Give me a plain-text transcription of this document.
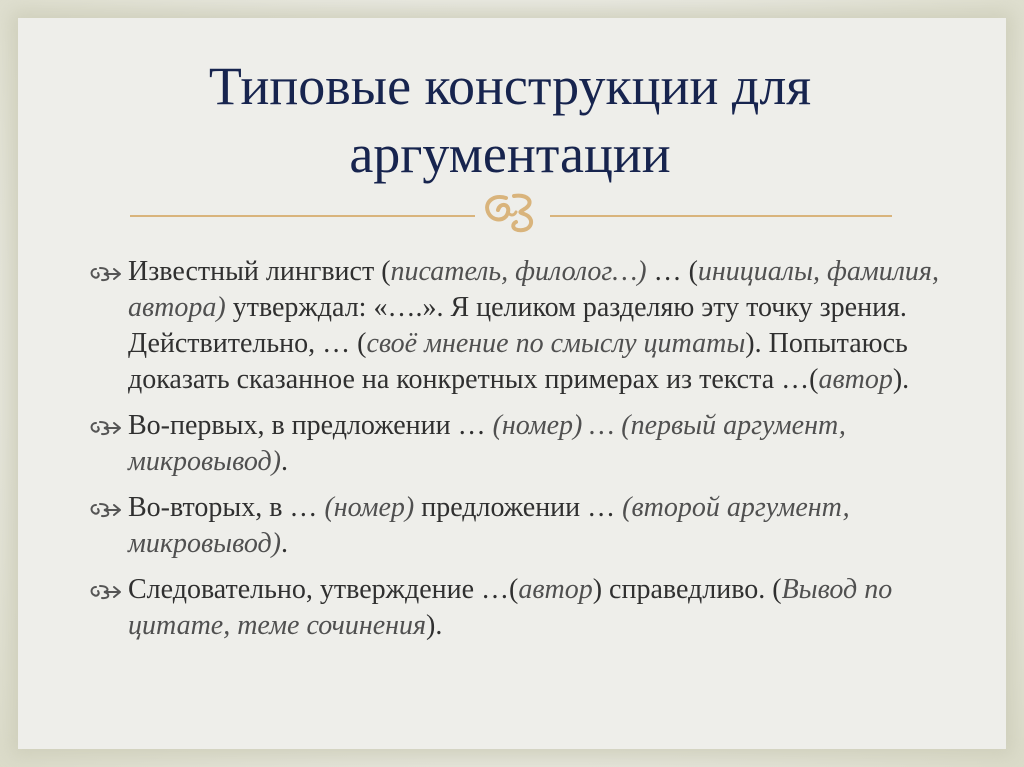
Типовые конструкции для
аргументации
Известный лингвист (писатель, филолог…) … (инициалы, фамилия, автора) утверждал: «….». Я целиком разделяю эту точку зрения. Действительно, … (своё мнение по смыслу цитаты). Попытаюсь доказать сказанное на конкретных примерах из текста …(автор).
Во-первых, в предложении … (номер) … (первый аргумент, микровывод).
Во-вторых, в … (номер) предложении … (второй аргумент, микровывод).
Следовательно, утверждение …(автор) справедливо. (Вывод по цитате, теме сочинения).
